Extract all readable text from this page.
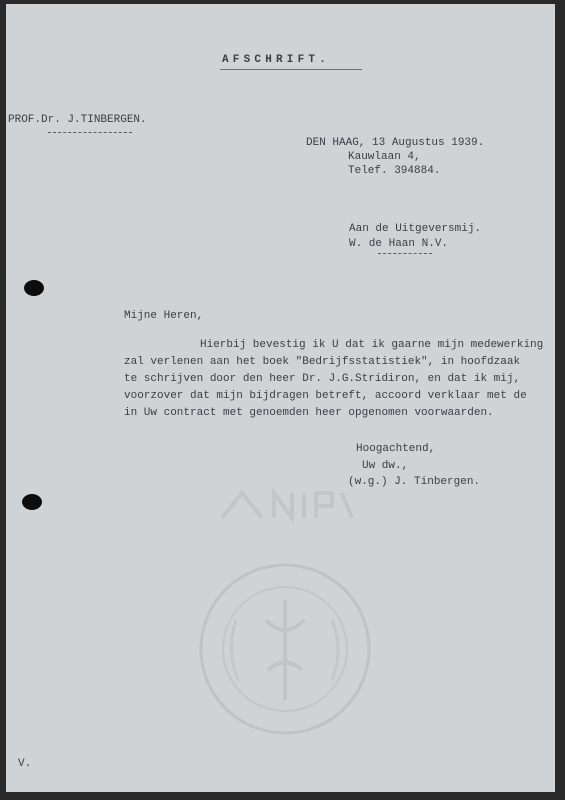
AFSCHRIFT.
PROF.Dr. J.TINBERGEN.
DEN HAAG, 13 Augustus 1939.
Kauwlaan 4,
Telef. 394884.
Aan de Uitgeversmij.
W. de Haan N.V.
Mijne Heren,
Hierbij bevestig ik U dat ik gaarne mijn medewerking
zal verlenen aan het boek "Bedrijfsstatistiek", in hoofdzaak
te schrijven door den heer Dr. J.G.Stridiron, en dat ik mij,
voorzover dat mijn bijdragen betreft, accoord verklaar met de
in Uw contract met genoemden heer opgenomen voorwaarden.
Hoogachtend,
Uw dw.,
(w.g.) J. Tinbergen.
V.
